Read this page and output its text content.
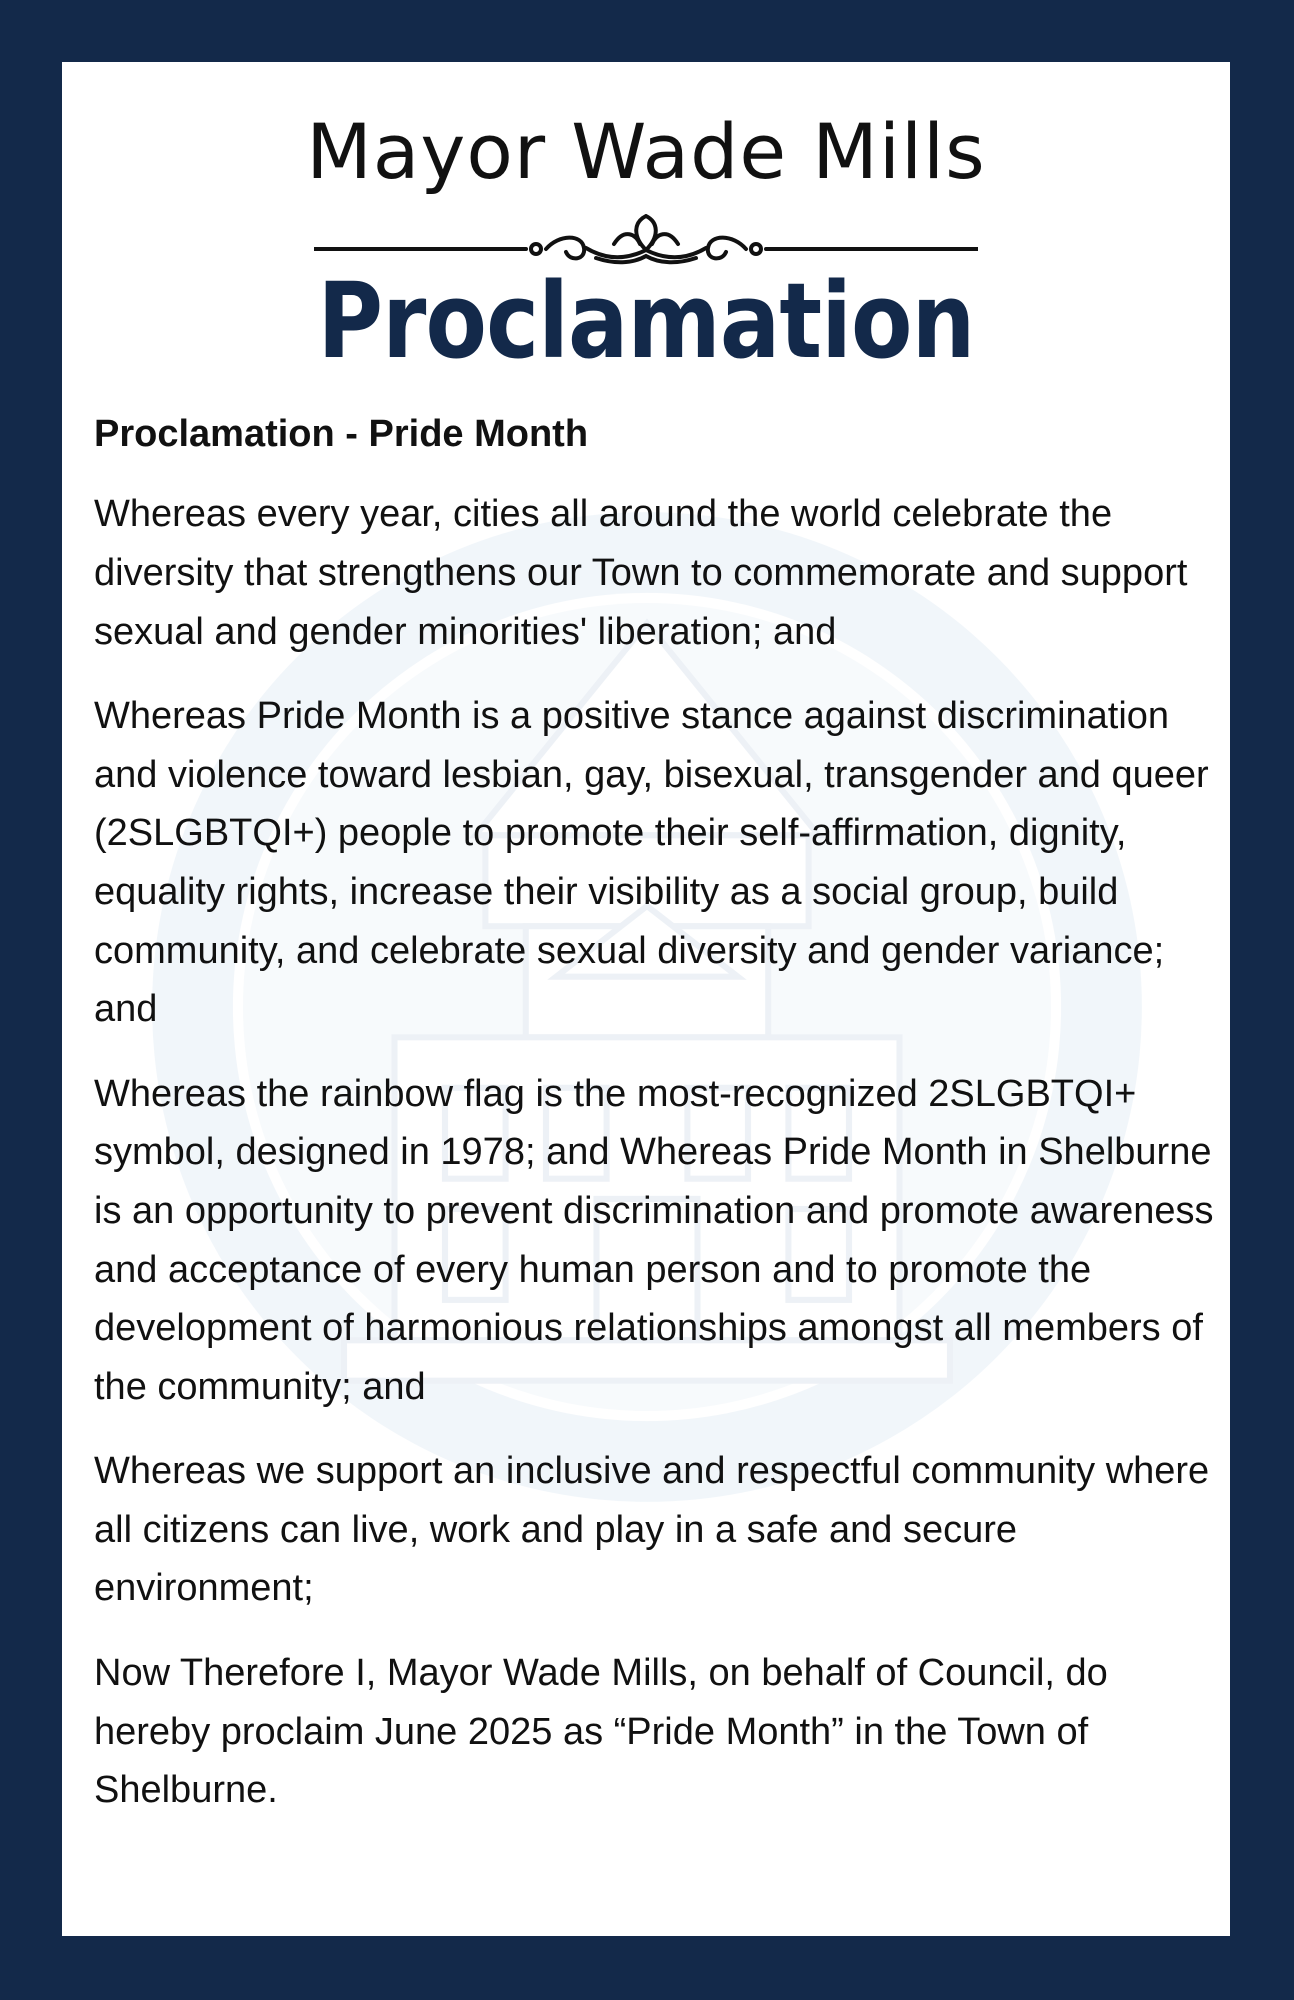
Mayor Wade Mills
Proclamation
Proclamation - Pride Month

Whereas every year, cities all around the world celebrate the diversity that strengthens our Town to commemorate and support sexual and gender minorities' liberation; and

Whereas Pride Month is a positive stance against discrimination and violence toward lesbian, gay, bisexual, transgender and queer (2SLGBTQI+) people to promote their self-affirmation, dignity, equality rights, increase their visibility as a social group, build community, and celebrate sexual diversity and gender variance; and

Whereas the rainbow flag is the most-recognized 2SLGBTQI+ symbol, designed in 1978; and Whereas Pride Month in Shelburne is an opportunity to prevent discrimination and promote awareness and acceptance of every human person and to promote the development of harmonious relationships amongst all members of the community; and

Whereas we support an inclusive and respectful community where all citizens can live, work and play in a safe and secure environment;

Now Therefore I, Mayor Wade Mills, on behalf of Council, do hereby proclaim June 2025 as “Pride Month” in the Town of Shelburne.
